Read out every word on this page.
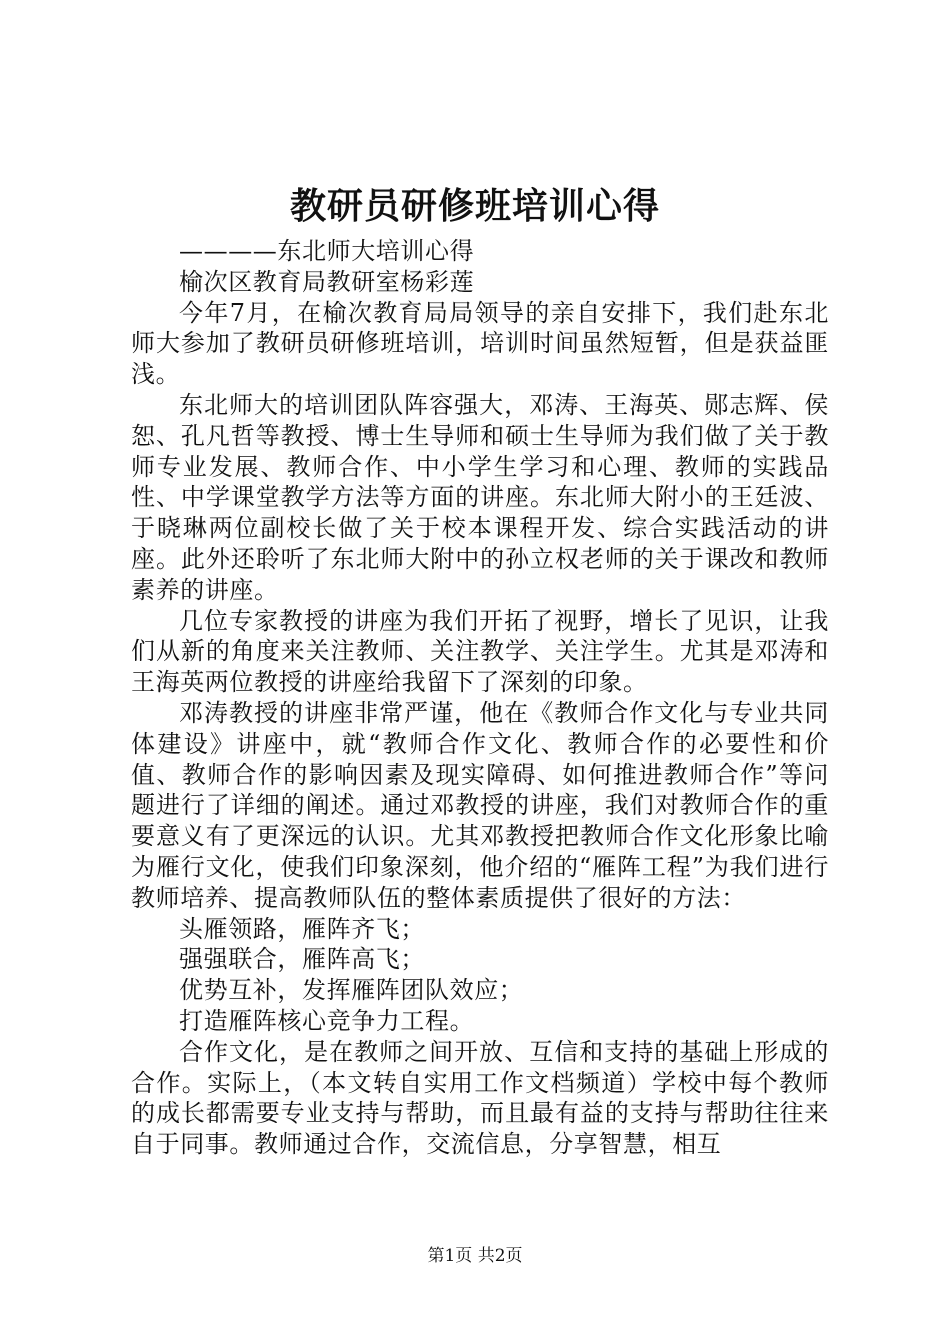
教研员研修班培训心得

————东北师大培训心得

榆次区教育局教研室杨彩莲

今年7月，在榆次教育局局领导的亲自安排下，我们赴东北师大参加了教研员研修班培训，培训时间虽然短暂，但是获益匪浅。

东北师大的培训团队阵容强大，邓涛、王海英、郧志辉、侯恕、孔凡哲等教授、博士生导师和硕士生导师为我们做了关于教师专业发展、教师合作、中小学生学习和心理、教师的实践品性、中学课堂教学方法等方面的讲座。东北师大附小的王廷波、于晓琳两位副校长做了关于校本课程开发、综合实践活动的讲座。此外还聆听了东北师大附中的孙立权老师的关于课改和教师素养的讲座。

几位专家教授的讲座为我们开拓了视野，增长了见识，让我们从新的角度来关注教师、关注教学、关注学生。尤其是邓涛和王海英两位教授的讲座给我留下了深刻的印象。

邓涛教授的讲座非常严谨，他在《教师合作文化与专业共同体建设》讲座中，就“教师合作文化、教师合作的必要性和价值、教师合作的影响因素及现实障碍、如何推进教师合作”等问题进行了详细的阐述。通过邓教授的讲座，我们对教师合作的重要意义有了更深远的认识。尤其邓教授把教师合作文化形象比喻为雁行文化，使我们印象深刻，他介绍的“雁阵工程”为我们进行教师培养、提高教师队伍的整体素质提供了很好的方法：

头雁领路，雁阵齐飞；

强强联合，雁阵高飞；

优势互补，发挥雁阵团队效应；

打造雁阵核心竞争力工程。

合作文化，是在教师之间开放、互信和支持的基础上形成的合作。实际上，（本文转自实用工作文档频道）学校中每个教师的成长都需要专业支持与帮助，而且最有益的支持与帮助往往来自于同事。教师通过合作，交流信息，分享智慧，相互

第1页 共2页
